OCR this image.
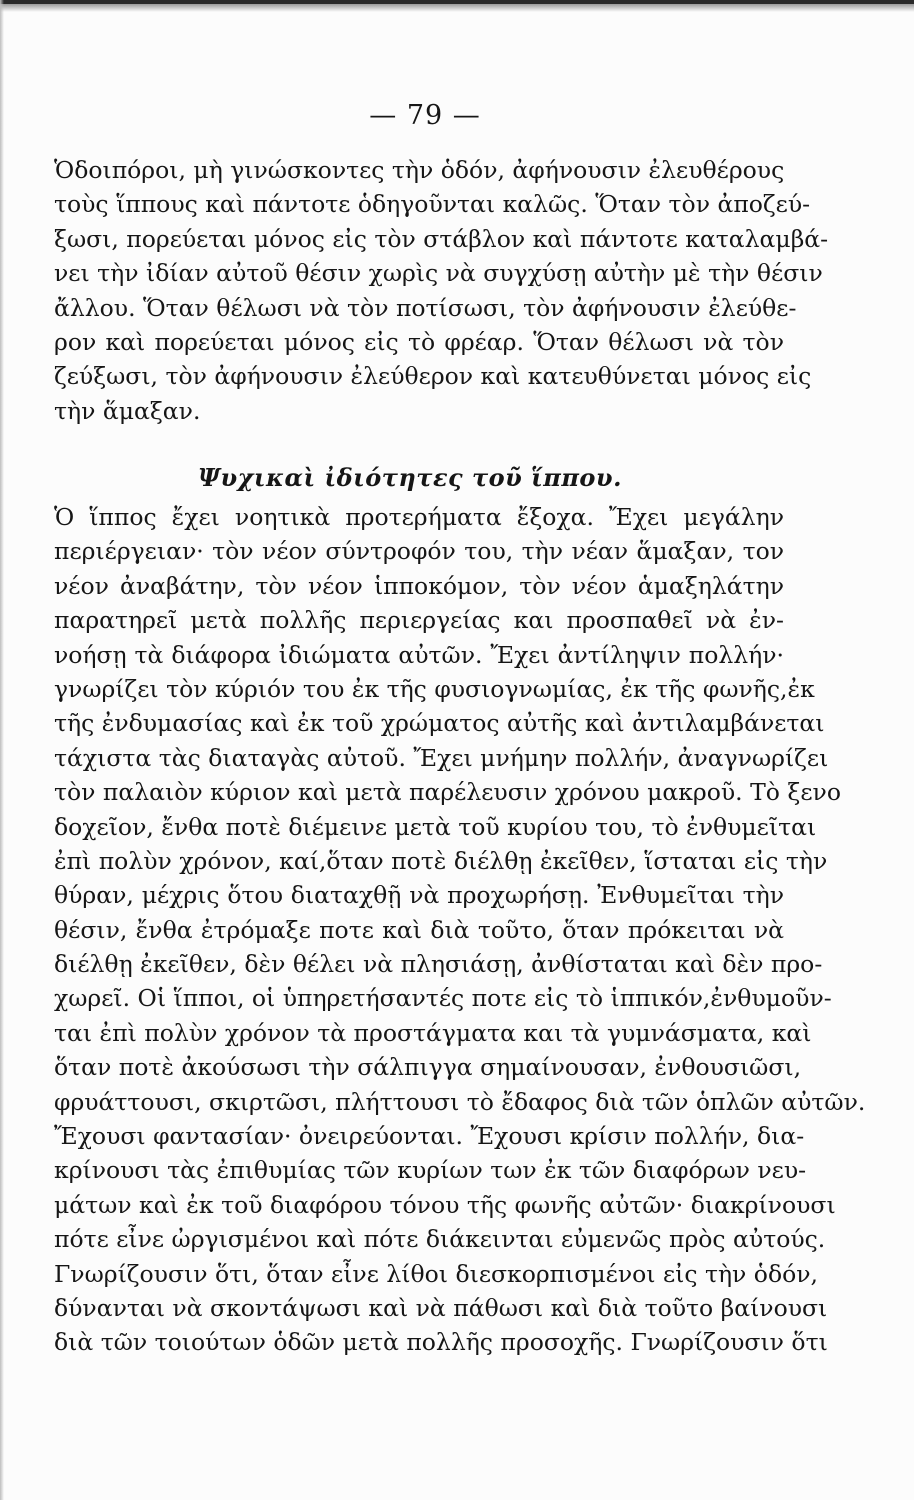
— 79 —
Ὁδοιπόροι, μὴ γινώσκοντες τὴν ὁδόν, ἀφήνουσιν ἐλευθέρους
τοὺς ἵππους καὶ πάντοτε ὁδηγοῦνται καλῶς. Ὅταν τὸν ἀποζεύ-
ξωσι, πορεύεται μόνος εἰς τὸν στάβλον καὶ πάντοτε καταλαμβά-
νει τὴν ἰδίαν αὐτοῦ θέσιν χωρὶς νὰ συγχύσῃ αὐτὴν μὲ τὴν θέσιν
ἄλλου. Ὅταν θέλωσι νὰ τὸν ποτίσωσι, τὸν ἀφήνουσιν ἐλεύθε-
ρον καὶ πορεύεται μόνος εἰς τὸ φρέαρ. Ὅταν θέλωσι νὰ τὸν
ζεύξωσι, τὸν ἀφήνουσιν ἐλεύθερον καὶ κατευθύνεται μόνος εἰς
τὴν ἅμαξαν.
Ψυχικαὶ ἰδιότητες τοῦ ἵππου.
Ὁ ἵππος ἔχει νοητικὰ προτερήματα ἔξοχα. Ἔχει μεγάλην
περιέργειαν· τὸν νέον σύντροφόν του, τὴν νέαν ἅμαξαν, τον
νέον ἀναβάτην, τὸν νέον ἱπποκόμον, τὸν νέον ἁμαξηλάτην
παρατηρεῖ μετὰ πολλῆς περιεργείας και προσπαθεῖ νὰ ἐν-
νοήσῃ τὰ διάφορα ἰδιώματα αὐτῶν. Ἔχει ἀντίληψιν πολλήν·
γνωρίζει τὸν κύριόν του ἐκ τῆς φυσιογνωμίας, ἐκ τῆς φωνῆς,ἐκ
τῆς ἐνδυμασίας καὶ ἐκ τοῦ χρώματος αὐτῆς καὶ ἀντιλαμβάνεται
τάχιστα τὰς διαταγὰς αὐτοῦ. Ἔχει μνήμην πολλήν, ἀναγνωρίζει
τὸν παλαιὸν κύριον καὶ μετὰ παρέλευσιν χρόνου μακροῦ. Τὸ ξενο
δοχεῖον, ἔνθα ποτὲ διέμεινε μετὰ τοῦ κυρίου του, τὸ ἐνθυμεῖται
ἐπὶ πολὺν χρόνον, καί,ὅταν ποτὲ διέλθῃ ἐκεῖθεν, ἵσταται εἰς τὴν
θύραν, μέχρις ὅτου διαταχθῇ νὰ προχωρήσῃ. Ἐνθυμεῖται τὴν
θέσιν, ἔνθα ἐτρόμαξε ποτε καὶ διὰ τοῦτο, ὅταν πρόκειται νὰ
διέλθῃ ἐκεῖθεν, δὲν θέλει νὰ πλησιάσῃ, ἀνθίσταται καὶ δὲν προ-
χωρεῖ. Οἱ ἵπποι, οἱ ὑπηρετήσαντές ποτε εἰς τὸ ἱππικόν,ἐνθυμοῦν-
ται ἐπὶ πολὺν χρόνον τὰ προστάγματα και τὰ γυμνάσματα, καὶ
ὅταν ποτὲ ἀκούσωσι τὴν σάλπιγγα σημαίνουσαν, ἐνθουσιῶσι,
φρυάττουσι, σκιρτῶσι, πλήττουσι τὸ ἔδαφος διὰ τῶν ὁπλῶν αὐτῶν.
Ἔχουσι φαντασίαν· ὀνειρεύονται. Ἔχουσι κρίσιν πολλήν, δια-
κρίνουσι τὰς ἐπιθυμίας τῶν κυρίων των ἐκ τῶν διαφόρων νευ-
μάτων καὶ ἐκ τοῦ διαφόρου τόνου τῆς φωνῆς αὐτῶν· διακρίνουσι
πότε εἶνε ὠργισμένοι καὶ πότε διάκεινται εὐμενῶς πρὸς αὐτούς.
Γνωρίζουσιν ὅτι, ὅταν εἶνε λίθοι διεσκορπισμένοι εἰς τὴν ὁδόν,
δύνανται νὰ σκοντάψωσι καὶ νὰ πάθωσι καὶ διὰ τοῦτο βαίνουσι
διὰ τῶν τοιούτων ὁδῶν μετὰ πολλῆς προσοχῆς. Γνωρίζουσιν ὅτι
